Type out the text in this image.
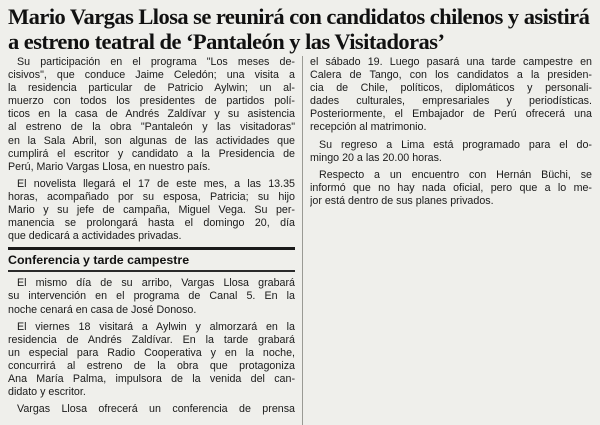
Mario Vargas Llosa se reunirá con candidatos chilenos y asistirá
a estreno teatral de ‘Pantaleón y las Visitadoras’

Su participación en el programa "Los meses de-
cisivos", que conduce Jaime Celedón; una visita a
la residencia particular de Patricio Aylwin; un al-
muerzo con todos los presidentes de partidos polí-
ticos en la casa de Andrés Zaldívar y su asistencia
al estreno de la obra "Pantaleón y las visitadoras"
en la Sala Abril, son algunas de las actividades que
cumplirá el escritor y candidato a la Presidencia de
Perú, Mario Vargas Llosa, en nuestro país.

El novelista llegará el 17 de este mes, a las 13.35
horas, acompañado por su esposa, Patricia; su hijo
Mario y su jefe de campaña, Miguel Vega. Su per-
manencia se prolongará hasta el domingo 20, día
que dedicará a actividades privadas.

Conferencia y tarde campestre

El mismo día de su arribo, Vargas Llosa grabará
su intervención en el programa de Canal 5. En la
noche cenará en casa de José Donoso.

El viernes 18 visitará a Aylwin y almorzará en la
residencia de Andrés Zaldívar. En la tarde grabará
un especial para Radio Cooperativa y en la noche,
concurrirá al estreno de la obra que protagoniza
Ana María Palma, impulsora de la venida del can-
didato y escritor.

Vargas Llosa ofrecerá un conferencia de prensa

el sábado 19. Luego pasará una tarde campestre en
Calera de Tango, con los candidatos a la presiden-
cia de Chile, políticos, diplomáticos y personali-
dades culturales, empresariales y periodísticas.
Posteriormente, el Embajador de Perú ofrecerá una
recepción al matrimonio.

Su regreso a Lima está programado para el do-
mingo 20 a las 20.00 horas.

Respecto a un encuentro con Hernán Büchi, se
informó que no hay nada oficial, pero que a lo me-
jor está dentro de sus planes privados.
